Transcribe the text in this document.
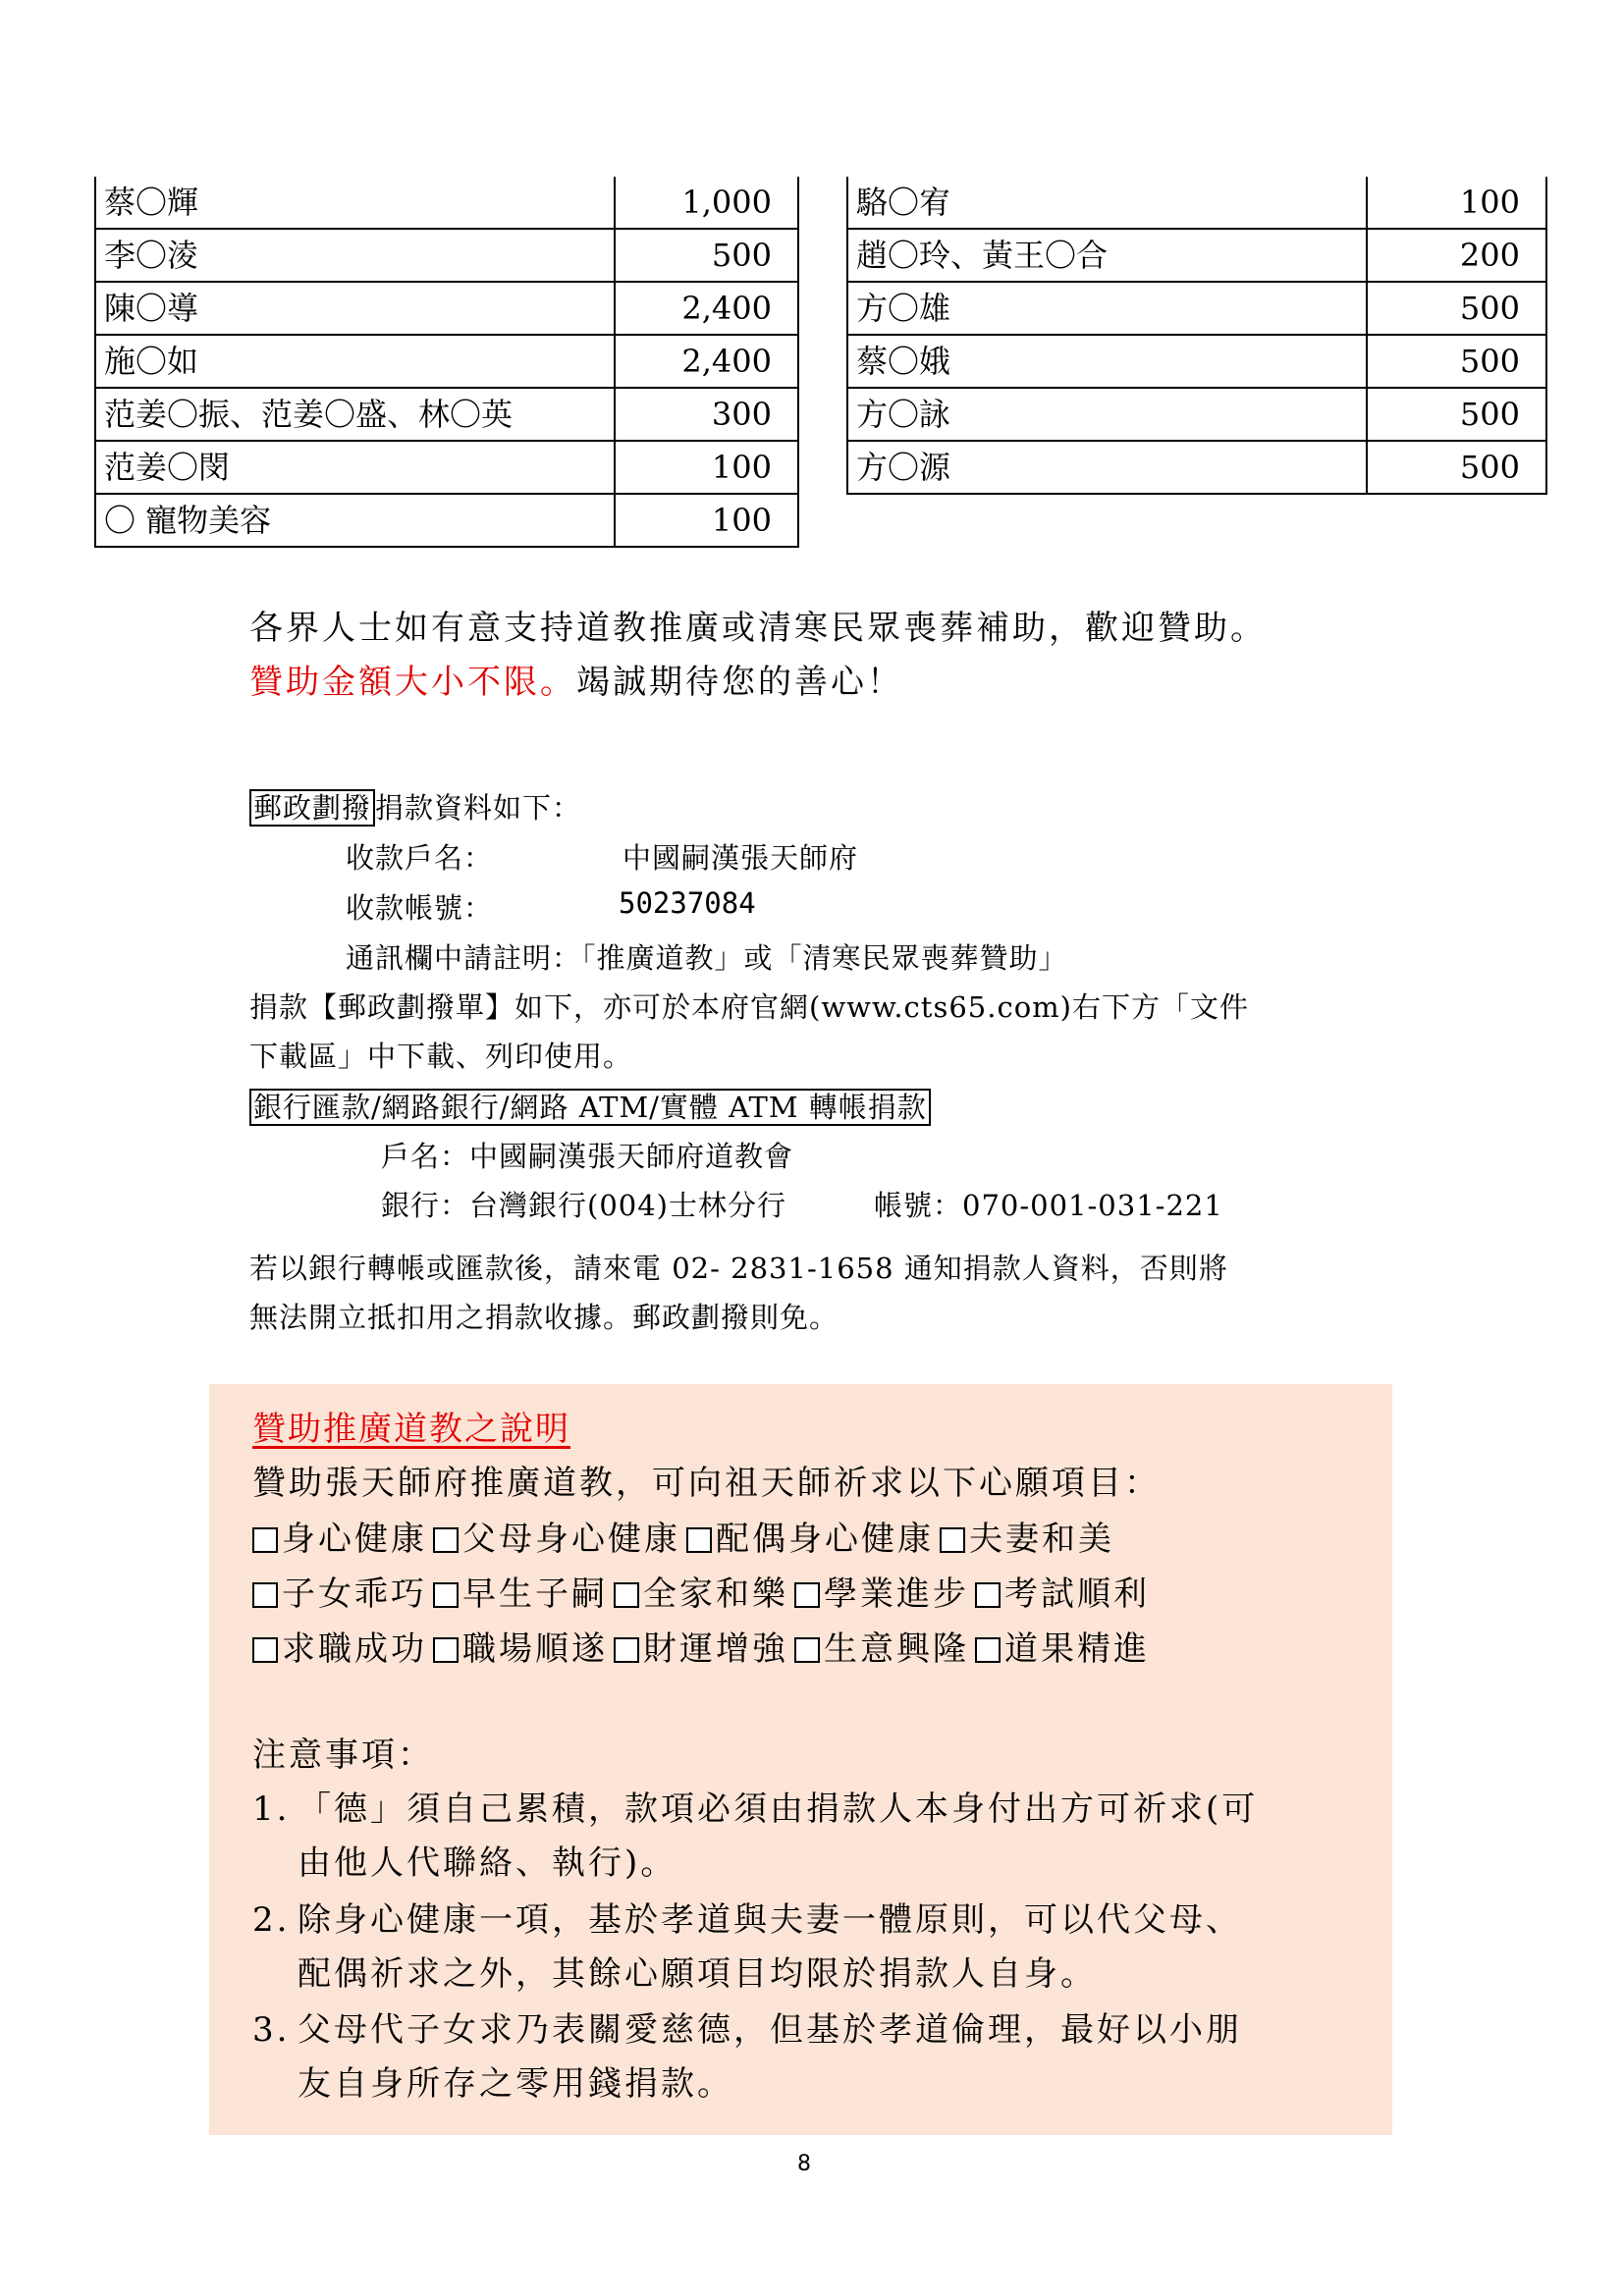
蔡〇輝	1,000
李〇淩	500
陳〇導	2,400
施〇如	2,400
范姜〇振、范姜〇盛、林〇英	300
范姜〇閔	100
〇 寵物美容	100
駱〇宥	100
趙〇玲、黃王〇合	200
方〇雄	500
蔡〇娥	500
方〇詠	500
方〇源	500
各界人士如有意支持道教推廣或清寒民眾喪葬補助，歡迎贊助。
贊助金額大小不限。竭誠期待您的善心！
郵政劃撥 捐款資料如下：
收款戶名：	中國嗣漢張天師府
收款帳號：	50237084
通訊欄中請註明：「推廣道教」或「清寒民眾喪葬贊助」
捐款【郵政劃撥單】如下，亦可於本府官網(www.cts65.com)右下方「文件
下載區」中下載、列印使用。
銀行匯款/網路銀行/網路 ATM/實體 ATM 轉帳捐款
戶名：中國嗣漢張天師府道教會
銀行：台灣銀行(004)士林分行	帳號：070-001-031-221
若以銀行轉帳或匯款後，請來電 02- 2831-1658 通知捐款人資料，否則將
無法開立抵扣用之捐款收據。郵政劃撥則免。
贊助推廣道教之說明
贊助張天師府推廣道教，可向祖天師祈求以下心願項目：
身心健康 父母身心健康 配偶身心健康 夫妻和美
子女乖巧 早生子嗣 全家和樂 學業進步 考試順利
求職成功 職場順遂 財運增強 生意興隆 道果精進
注意事項：
1. 「德」須自己累積，款項必須由捐款人本身付出方可祈求(可
由他人代聯絡、執行)。
2. 除身心健康一項，基於孝道與夫妻一體原則，可以代父母、
配偶祈求之外，其餘心願項目均限於捐款人自身。
3. 父母代子女求乃表關愛慈德，但基於孝道倫理，最好以小朋
友自身所存之零用錢捐款。
8
